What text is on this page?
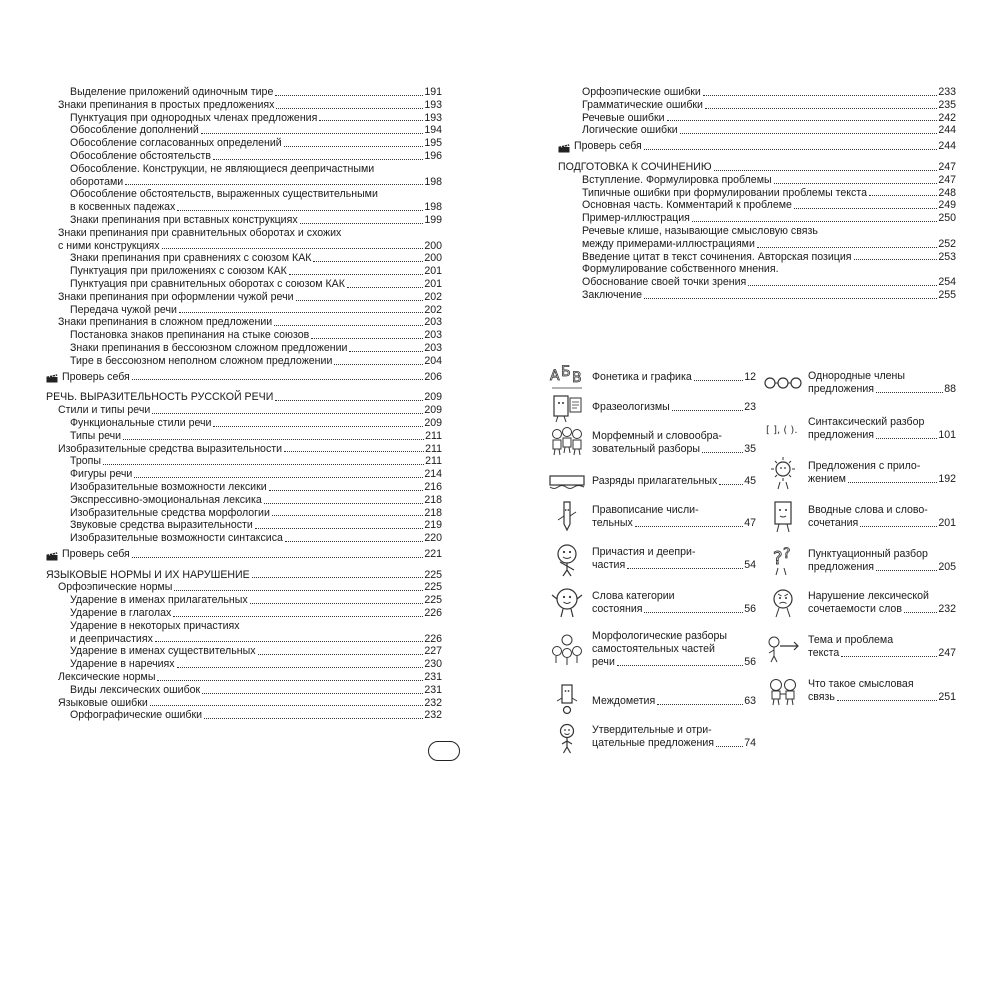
Выделение приложений одиночным тире	191
Знаки препинания в простых предложениях	193
Пунктуация при однородных членах предложения	193
Обособление дополнений	194
Обособление согласованных определений	195
Обособление обстоятельств	196
Обособление. Конструкции, не являющиеся деепричастными
оборотами	198
Обособление обстоятельств, выраженных существительными
в косвенных падежах	198
Знаки препинания при вставных конструкциях	199
Знаки препинания при сравнительных оборотах и схожих
с ними конструкциях	200
Знаки препинания при сравнениях с союзом КАК	200
Пунктуация при приложениях с союзом КАК	201
Пунктуация при сравнительных оборотах с союзом КАК	201
Знаки препинания при оформлении чужой речи	202
Передача чужой речи	202
Знаки препинания в сложном предложении	203
Постановка знаков препинания на стыке союзов	203
Знаки препинания в бессоюзном сложном предложении	203
Тире в бессоюзном неполном сложном предложении	204
Проверь себя	206
РЕЧЬ. ВЫРАЗИТЕЛЬНОСТЬ РУССКОЙ РЕЧИ	209
Стили и типы речи	209
Функциональные стили речи	209
Типы речи	211
Изобразительные средства выразительности	211
Тропы	211
Фигуры речи	214
Изобразительные возможности лексики	216
Экспрессивно-эмоциональная лексика	218
Изобразительные средства морфологии	218
Звуковые средства выразительности	219
Изобразительные возможности синтаксиса	220
Проверь себя	221
ЯЗЫКОВЫЕ НОРМЫ И ИХ НАРУШЕНИЕ	225
Орфоэпические нормы	225
Ударение в именах прилагательных	225
Ударение в глаголах	226
Ударение в некоторых причастиях
и деепричастиях	226
Ударение в именах существительных	227
Ударение в наречиях	230
Лексические нормы	231
Виды лексических ошибок	231
Языковые ошибки	232
Орфографические ошибки	232
Орфоэпические ошибки	233
Грамматические ошибки	235
Речевые ошибки	242
Логические ошибки	244
Проверь себя	244
ПОДГОТОВКА К СОЧИНЕНИЮ	247
Вступление. Формулировка проблемы	247
Типичные ошибки при формулировании проблемы текста	248
Основная часть. Комментарий к проблеме	249
Пример-иллюстрация	250
Речевые клише, называющие смысловую связь
между примерами-иллюстрациями	252
Введение цитат в текст сочинения. Авторская позиция	253
Формулирование собственного мнения.
Обоснование своей точки зрения	254
Заключение	255
A Б В Фонетика и графика	12
Фразеологизмы	23
Морфемный и словообра-
зовательный разборы	35
Разряды прилагательных	45
Правописание числи-
тельных	47
Причастия и деепри-
частия	54
Слова категории
состояния	56
Морфологические разборы
самостоятельных частей
речи	56
Междометия	63
Утвердительные и отри-
цательные предложения	74
Однородные члены
предложения	88
[ ], ( ).
Синтаксический разбор
предложения	101
Предложения с прило-
жением	192
Вводные слова и слово-
сочетания	201
? ? Пунктуационный разбор
предложения	205
Нарушение лексической
сочетаемости слов	232
Тема и проблема
текста	247
Что такое смысловая
связь	251
